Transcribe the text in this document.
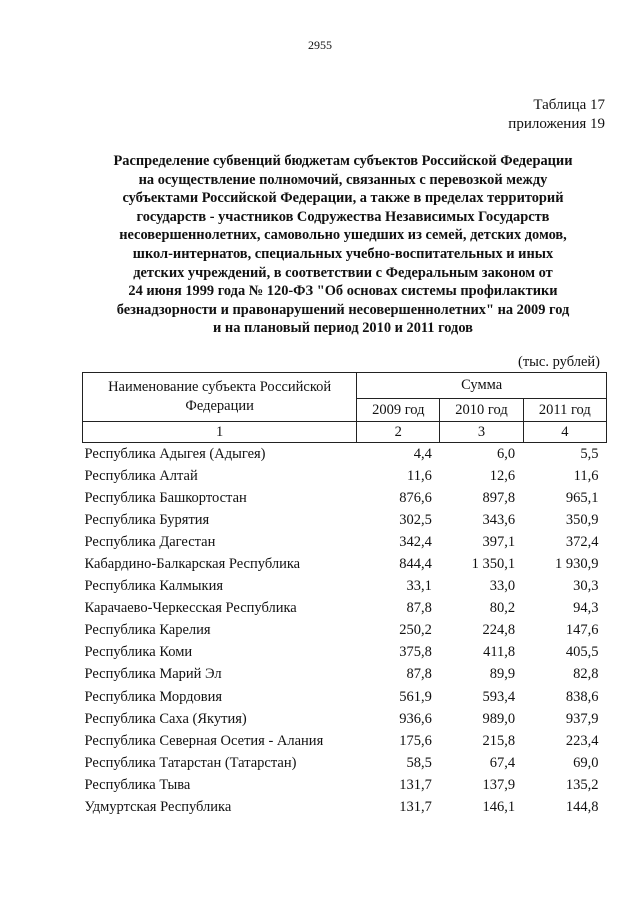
2955
Таблица 17
приложения 19
Распределение субвенций бюджетам субъектов Российской Федерации
на осуществление полномочий, связанных с перевозкой между
субъектами Российской Федерации, а также в пределах территорий
государств - участников Содружества Независимых Государств
несовершеннолетних, самовольно ушедших из семей, детских домов,
школ-интернатов, специальных учебно-воспитательных и иных
детских учреждений, в соответствии с Федеральным законом от
24 июня 1999 года № 120-ФЗ "Об основах системы профилактики
безнадзорности и правонарушений несовершеннолетних" на 2009 год
и на плановый период 2010 и 2011 годов
(тыс. рублей)
Наименование субъекта Российской Федерации	Сумма		
	2009 год	2010 год	2011 год
1	2	3	4
Республика Адыгея (Адыгея)	4,4	6,0	5,5
Республика Алтай	11,6	12,6	11,6
Республика Башкортостан	876,6	897,8	965,1
Республика Бурятия	302,5	343,6	350,9
Республика Дагестан	342,4	397,1	372,4
Кабардино-Балкарская Республика	844,4	1 350,1	1 930,9
Республика Калмыкия	33,1	33,0	30,3
Карачаево-Черкесская Республика	87,8	80,2	94,3
Республика Карелия	250,2	224,8	147,6
Республика Коми	375,8	411,8	405,5
Республика Марий Эл	87,8	89,9	82,8
Республика Мордовия	561,9	593,4	838,6
Республика Саха (Якутия)	936,6	989,0	937,9
Республика Северная Осетия - Алания	175,6	215,8	223,4
Республика Татарстан (Татарстан)	58,5	67,4	69,0
Республика Тыва	131,7	137,9	135,2
Удмуртская Республика	131,7	146,1	144,8
